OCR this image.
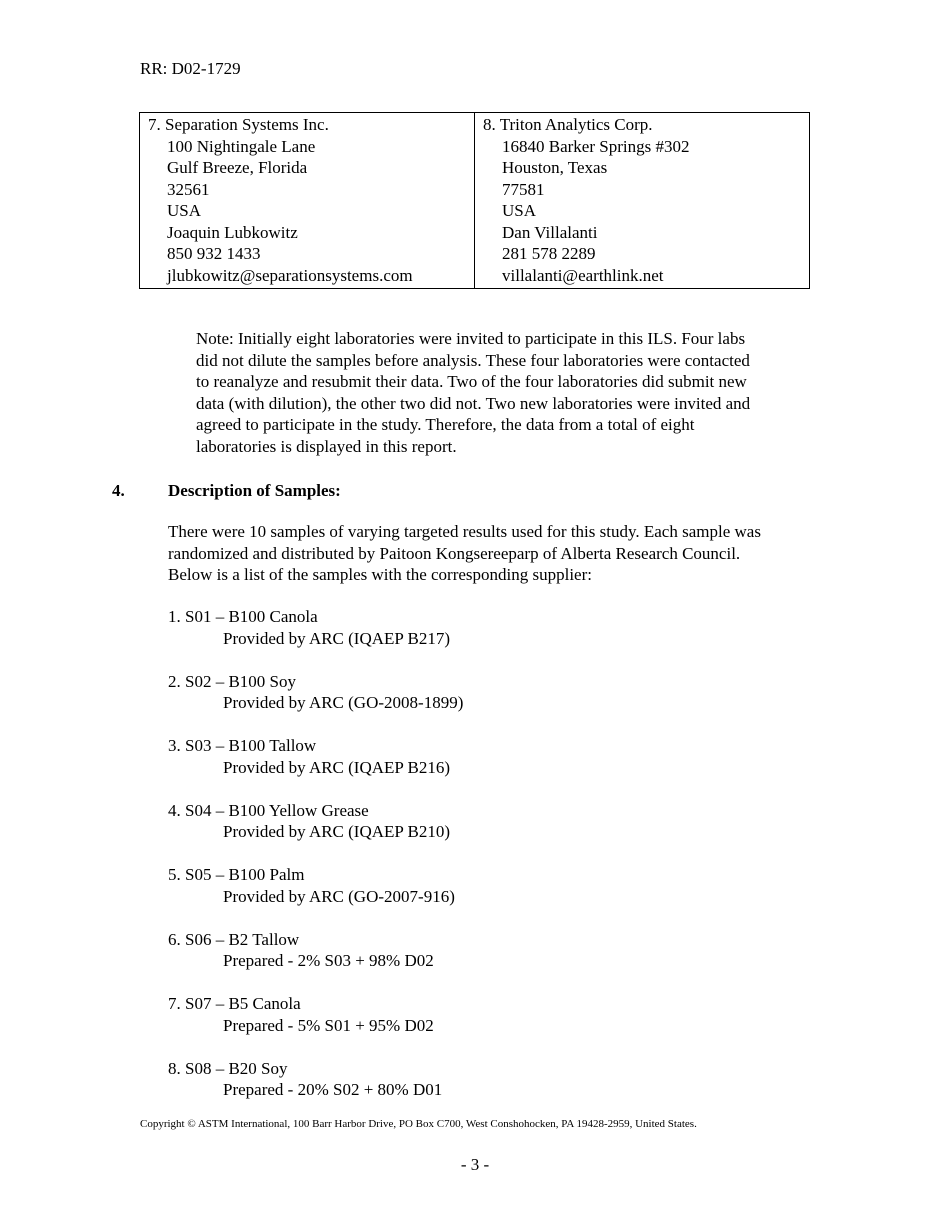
RR: D02-1729
7. Separation Systems Inc.
100 Nightingale Lane
Gulf Breeze, Florida
32561
USA
Joaquin Lubkowitz
850 932 1433
jlubkowitz@separationsystems.com

8. Triton Analytics Corp.
16840 Barker Springs #302
Houston, Texas
77581
USA
Dan Villalanti
281 578 2289
villalanti@earthlink.net
Note: Initially eight laboratories were invited to participate in this ILS. Four labs
did not dilute the samples before analysis. These four laboratories were contacted
to reanalyze and resubmit their data. Two of the four laboratories did submit new
data (with dilution), the other two did not. Two new laboratories were invited and
agreed to participate in the study. Therefore, the data from a total of eight
laboratories is displayed in this report.
4.	Description of Samples:
There were 10 samples of varying targeted results used for this study. Each sample was
randomized and distributed by Paitoon Kongsereeparp of Alberta Research Council.
Below is a list of the samples with the corresponding supplier:
1. S01 – B100 Canola
Provided by ARC (IQAEP B217)
2. S02 – B100 Soy
Provided by ARC (GO-2008-1899)
3. S03 – B100 Tallow
Provided by ARC (IQAEP B216)
4. S04 – B100 Yellow Grease
Provided by ARC (IQAEP B210)
5. S05 – B100 Palm
Provided by ARC (GO-2007-916)
6. S06 – B2 Tallow
Prepared - 2% S03 + 98% D02
7. S07 – B5 Canola
Prepared - 5% S01 + 95% D02
8. S08 – B20 Soy
Prepared - 20% S02 + 80% D01
Copyright © ASTM International, 100 Barr Harbor Drive, PO Box C700, West Conshohocken, PA 19428-2959, United States.
- 3 -
